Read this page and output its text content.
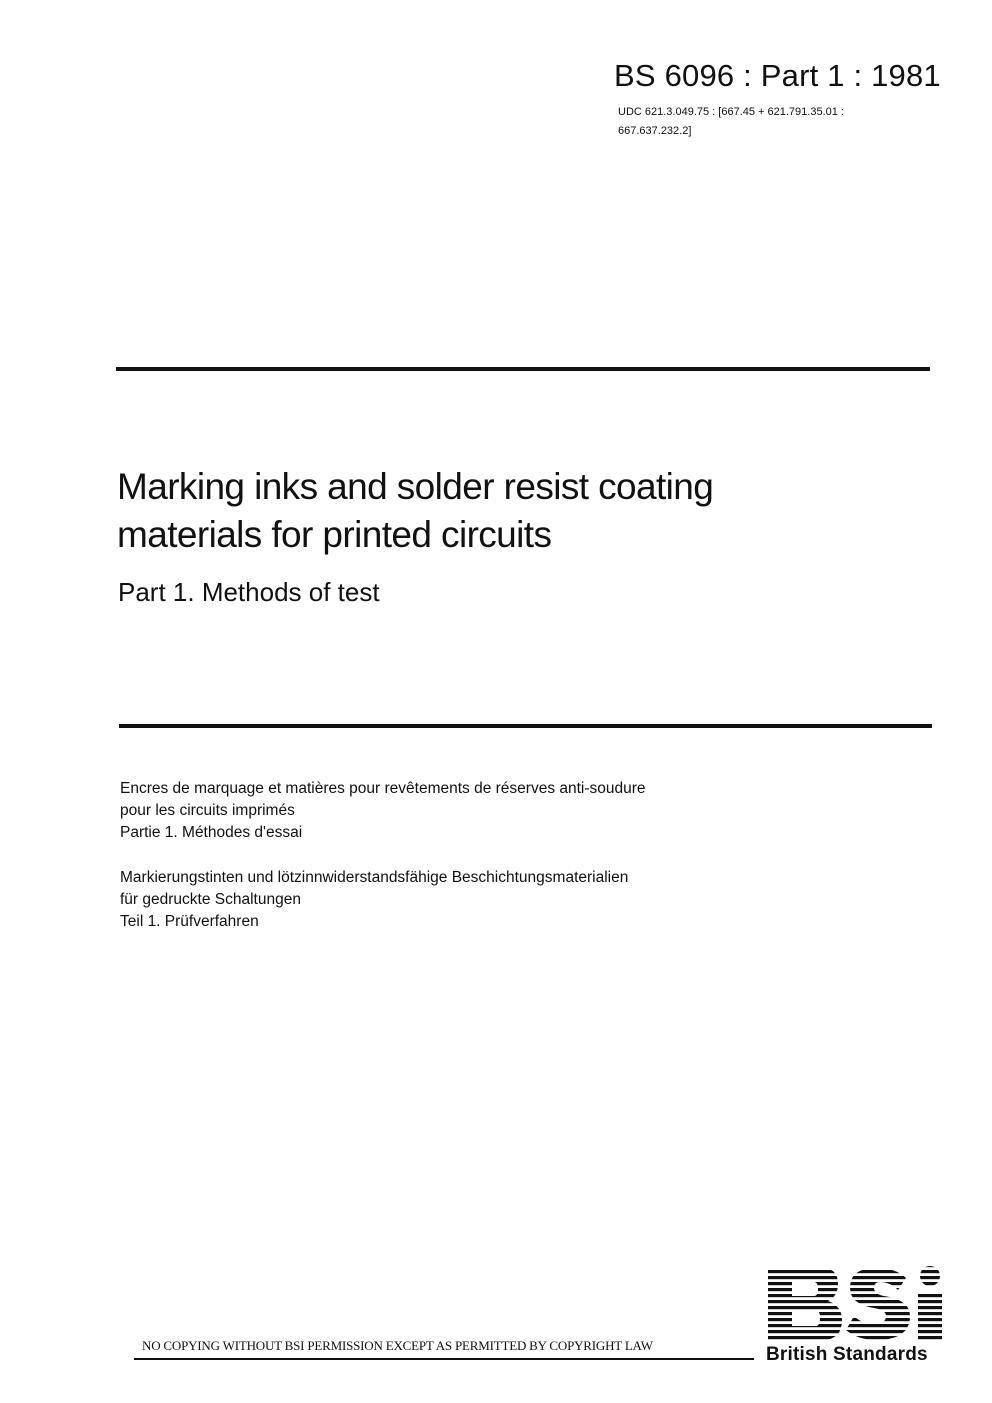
BS 6096 : Part 1 : 1981
UDC 621.3.049.75 : [667.45 + 621.791.35.01 :
667.637.232.2]
Marking inks and solder resist coating
materials for printed circuits
Part 1. Methods of test
Encres de marquage et matières pour revêtements de réserves anti-soudure
pour les circuits imprimés
Partie 1. Méthodes d'essai
Markierungstinten und lötzinnwiderstandsfähige Beschichtungsmaterialien
für gedruckte Schaltungen
Teil 1. Prüfverfahren
NO COPYING WITHOUT BSI PERMISSION EXCEPT AS PERMITTED BY COPYRIGHT LAW	British Standards
